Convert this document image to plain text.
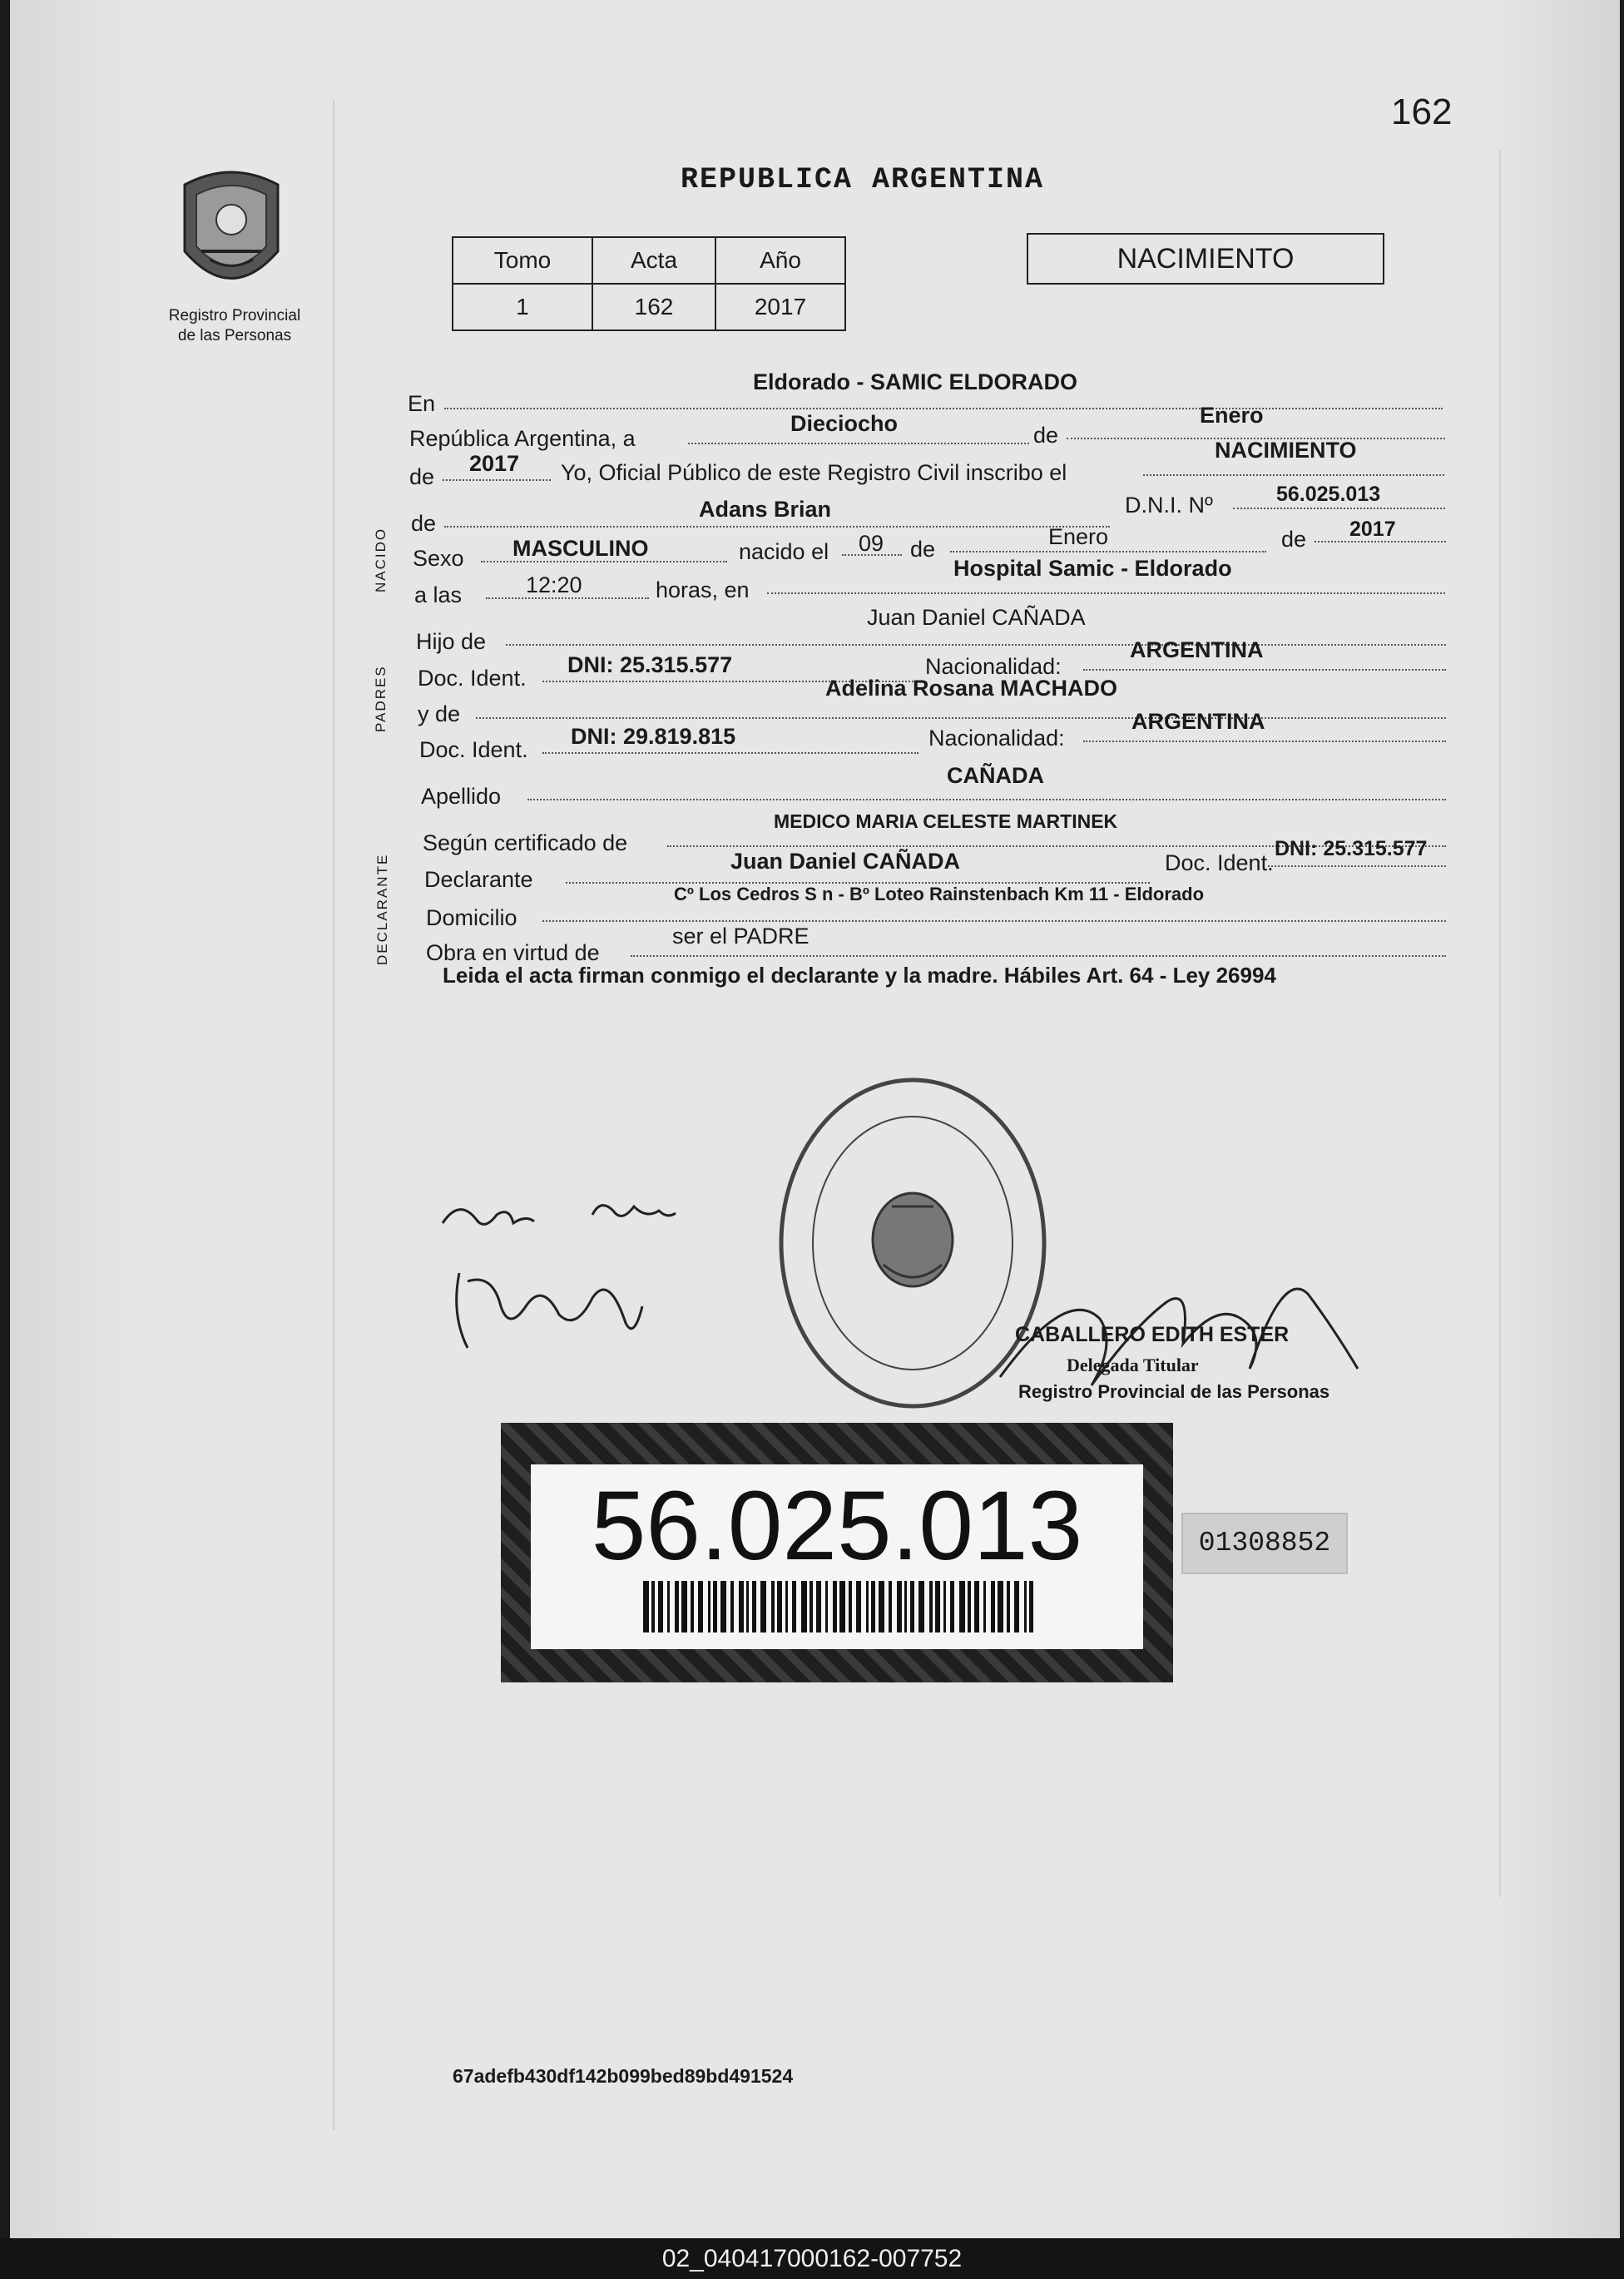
162
Registro Provincial
de las Personas
REPUBLICA ARGENTINA
Tomo	Acta	Año
1	162	2017
NACIMIENTO
En
Eldorado - SAMIC ELDORADO
República Argentina, a
Dieciocho	de
Enero
de
2017 Yo, Oficial Público de este Registro Civil inscribo el
NACIMIENTO
NACIDO
de
Adans Brian	D.N.I. Nº	56.025.013
Sexo MASCULINO	nacido el 09 de	Enero	de 2017
a las	12:20	horas, en
Hospital Samic - Eldorado
PADRES
Hijo de
Juan Daniel CAÑADA
Doc. Ident.
DNI: 25.315.577	Nacionalidad:
ARGENTINA
y de
Adelina Rosana MACHADO
Doc. Ident.
DNI: 29.819.815	Nacionalidad:
ARGENTINA
Apellido
CAÑADA
DECLARANTE
Según certificado de
MEDICO MARIA CELESTE MARTINEK
Declarante
Juan Daniel CAÑADA	Doc. Ident.
DNI: 25.315.577
Domicilio
Cº Los Cedros S n - Bº Loteo Rainstenbach Km 11 - Eldorado
Obra en virtud de
ser el PADRE
Leida el acta firman conmigo el declarante y la madre. Hábiles Art. 64 - Ley 26994
CABALLERO EDITH ESTER
Delegada Titular
Registro Provincial de las Personas
56.025.013	01308852
67adefb430df142b099bed89bd491524
02_040417000162-007752
